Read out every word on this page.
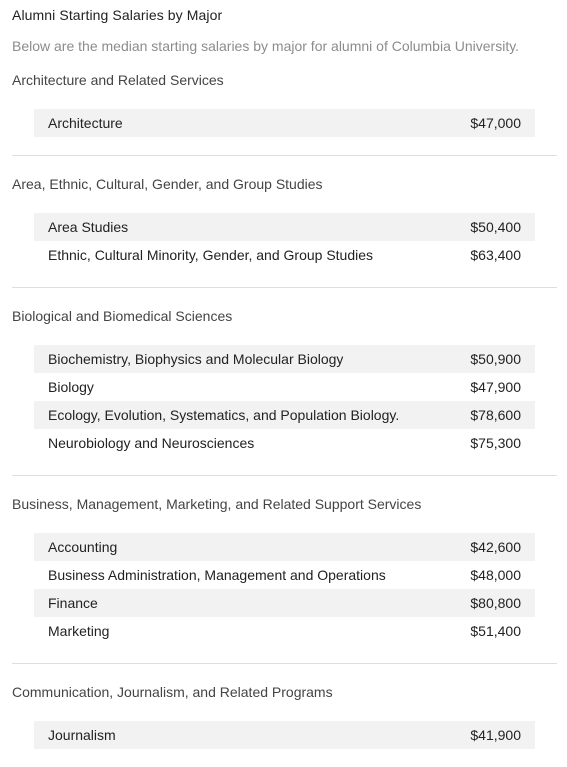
Alumni Starting Salaries by Major
Below are the median starting salaries by major for alumni of Columbia University.
Architecture and Related Services
Architecture	$47,000
Area, Ethnic, Cultural, Gender, and Group Studies
Area Studies	$50,400
Ethnic, Cultural Minority, Gender, and Group Studies	$63,400
Biological and Biomedical Sciences
Biochemistry, Biophysics and Molecular Biology	$50,900
Biology	$47,900
Ecology, Evolution, Systematics, and Population Biology.	$78,600
Neurobiology and Neurosciences	$75,300
Business, Management, Marketing, and Related Support Services
Accounting	$42,600
Business Administration, Management and Operations	$48,000
Finance	$80,800
Marketing	$51,400
Communication, Journalism, and Related Programs
Journalism	$41,900
